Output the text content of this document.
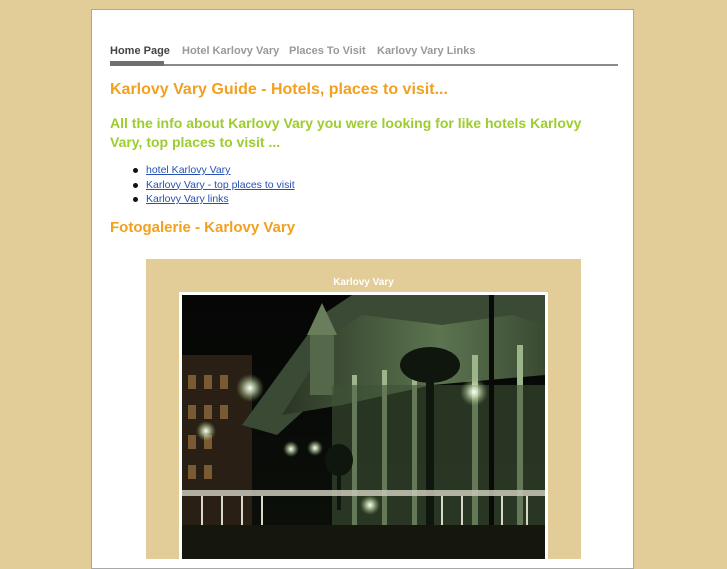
Home Page Hotel Karlovy Vary Places To Visit Karlovy Vary Links
Karlovy Vary Guide - Hotels, places to visit...

All the info about Karlovy Vary you were looking for like hotels Karlovy Vary, top places to visit ...

hotel Karlovy Vary
Karlovy Vary - top places to visit
Karlovy Vary links
Fotogalerie - Karlovy Vary
Karlovy Vary
